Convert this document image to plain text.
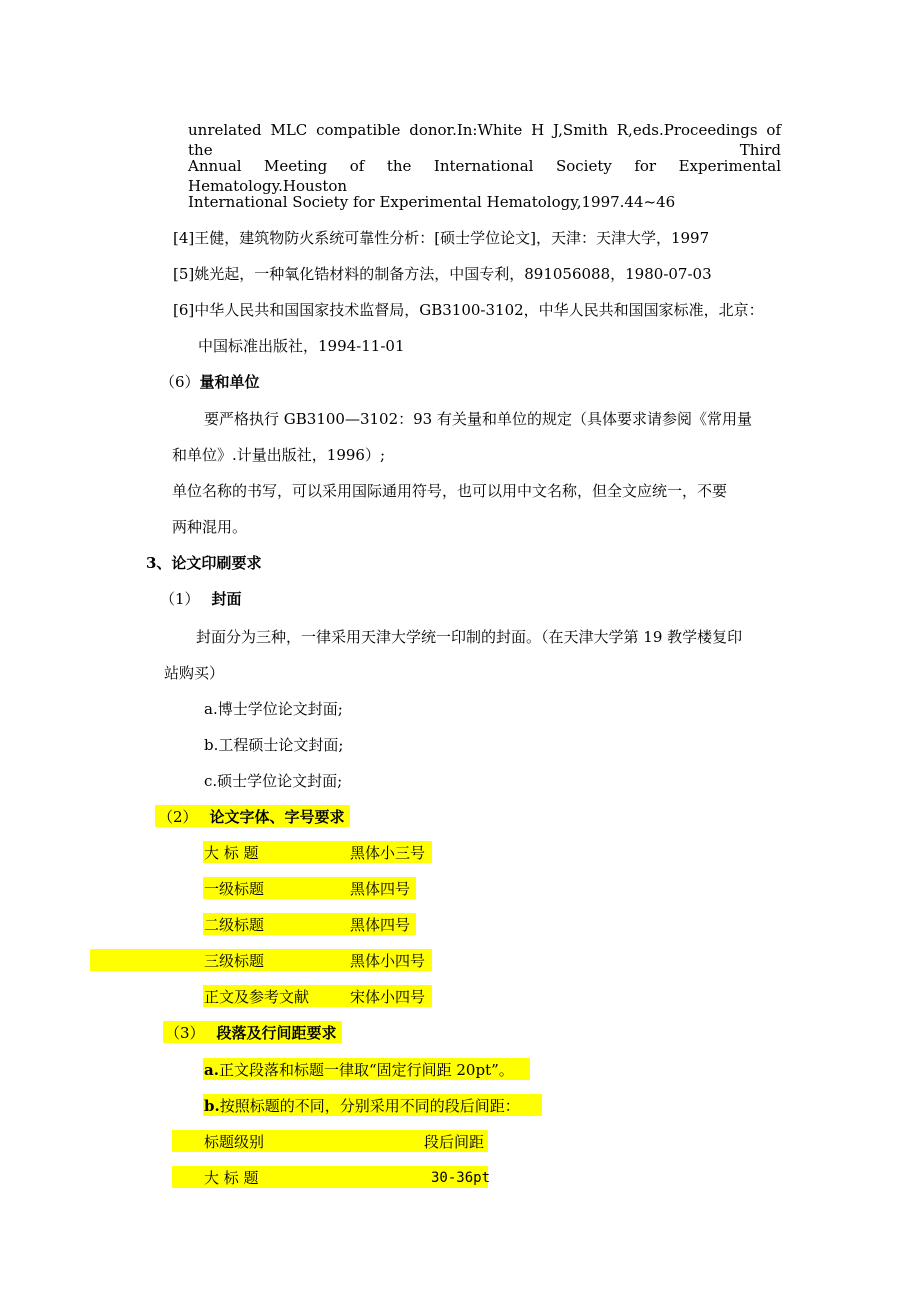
unrelated MLC compatible donor.In:White H J,Smith R,eds.Proceedings of the Third
Annual Meeting of the International Society for Experimental Hematology.Houston
International Society for Experimental Hematology,1997.44~46
[4]王健，建筑物防火系统可靠性分析：[硕士学位论文]，天津：天津大学，1997
[5]姚光起，一种氧化锆材料的制备方法，中国专利，891056088，1980-07-03
[6]中华人民共和国国家技术监督局，GB3100-3102，中华人民共和国国家标准，北京：
中国标准出版社，1994-11-01
（6）量和单位
要严格执行 GB3100—3102：93 有关量和单位的规定（具体要求请参阅《常用量
和单位》.计量出版社，1996）;
单位名称的书写，可以采用国际通用符号，也可以用中文名称，但全文应统一，不要
两种混用。
3、论文印刷要求
（1） 封面
封面分为三种，一律采用天津大学统一印制的封面。（在天津大学第 19 教学楼复印
站购买）
a.博士学位论文封面;
b.工程硕士论文封面;
c.硕士学位论文封面;
（2） 论文字体、字号要求
大 标 题	黑体小三号
一级标题	黑体四号
二级标题	黑体四号
三级标题	黑体小四号
正文及参考文献	宋体小四号
（3） 段落及行间距要求
a.正文段落和标题一律取“固定行间距 20pt”。
b.按照标题的不同，分别采用不同的段后间距：
标题级别	段后间距
大 标 题	30-36pt
